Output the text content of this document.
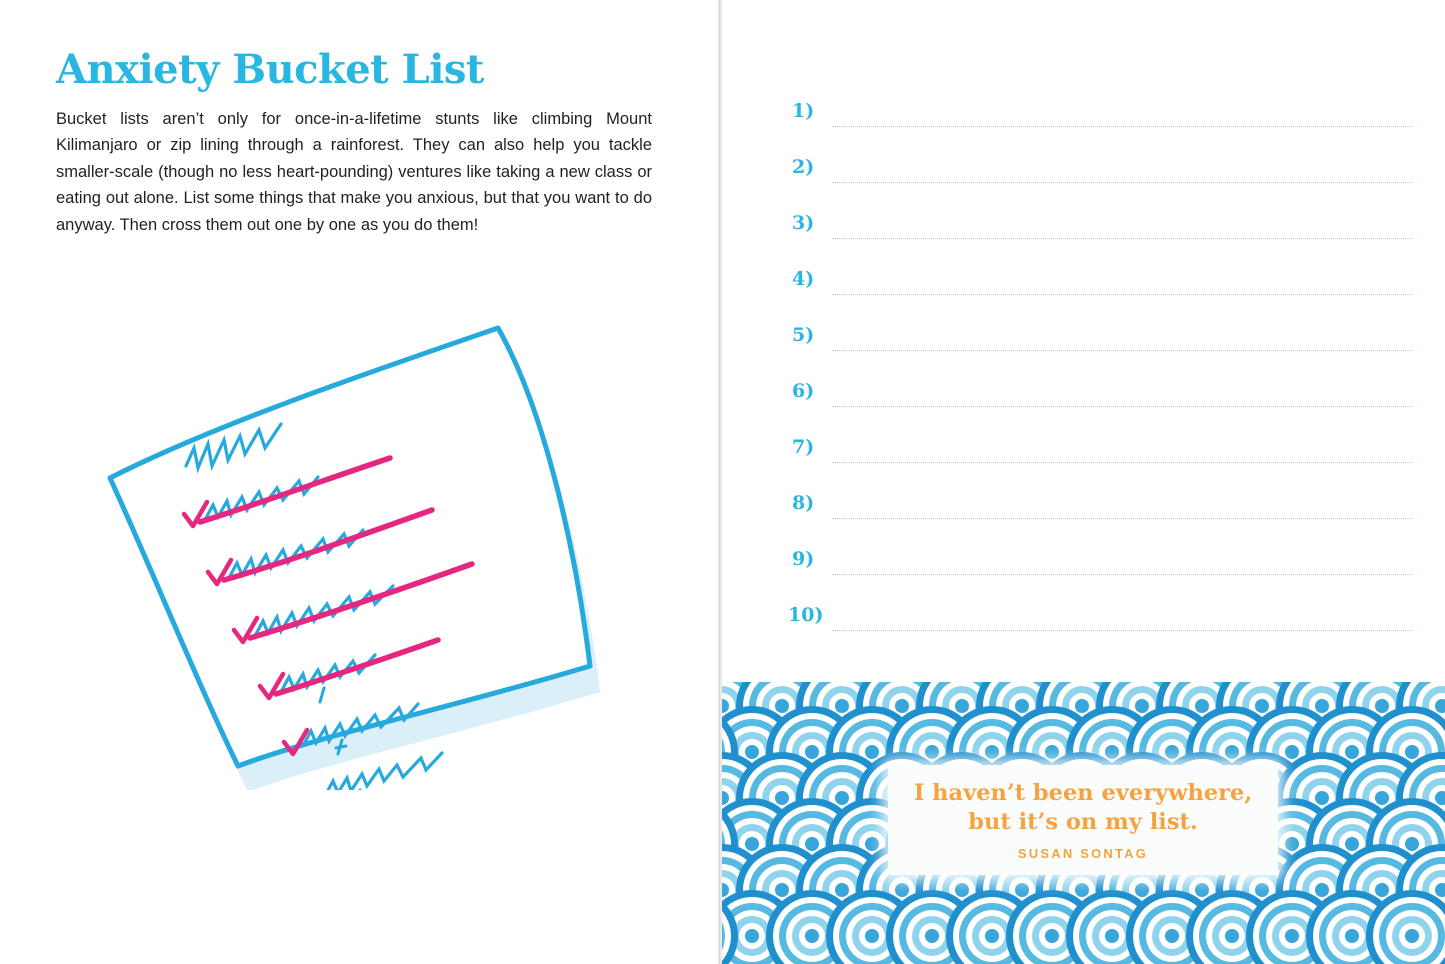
Anxiety Bucket List
Bucket lists aren’t only for once-in-a-lifetime stunts like climbing Mount Kilimanjaro or zip lining through a rainforest. They can also help you tackle smaller-scale (though no less heart-pounding) ventures like taking a new class or eating out alone. List some things that make you anxious, but that you want to do anyway. Then cross them out one by one as you do them!
1)
2)
3)
4)
5)
6)
7)
8)
9)
10)
I haven’t been everywhere, but it’s on my list.
SUSAN SONTAG
